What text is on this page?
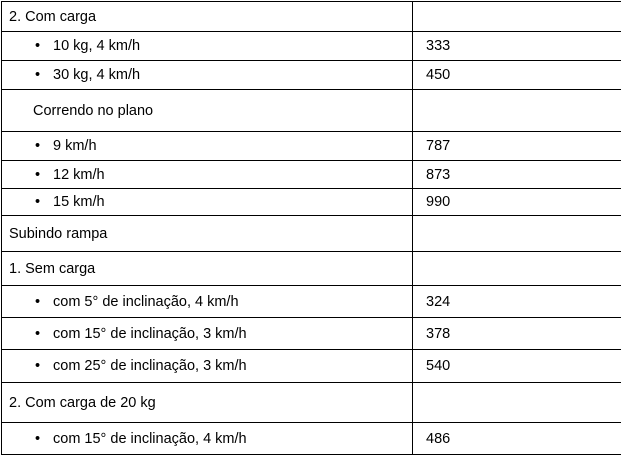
2. Com carga	
• 10 kg, 4 km/h	333
• 30 kg, 4 km/h	450
Correndo no plano	
• 9 km/h	787
• 12 km/h	873
• 15 km/h	990
Subindo rampa	
1. Sem carga	
• com 5° de inclinação, 4 km/h	324
• com 15° de inclinação, 3 km/h	378
• com 25° de inclinação, 3 km/h	540
2. Com carga de 20 kg	
• com 15° de inclinação, 4 km/h	486
